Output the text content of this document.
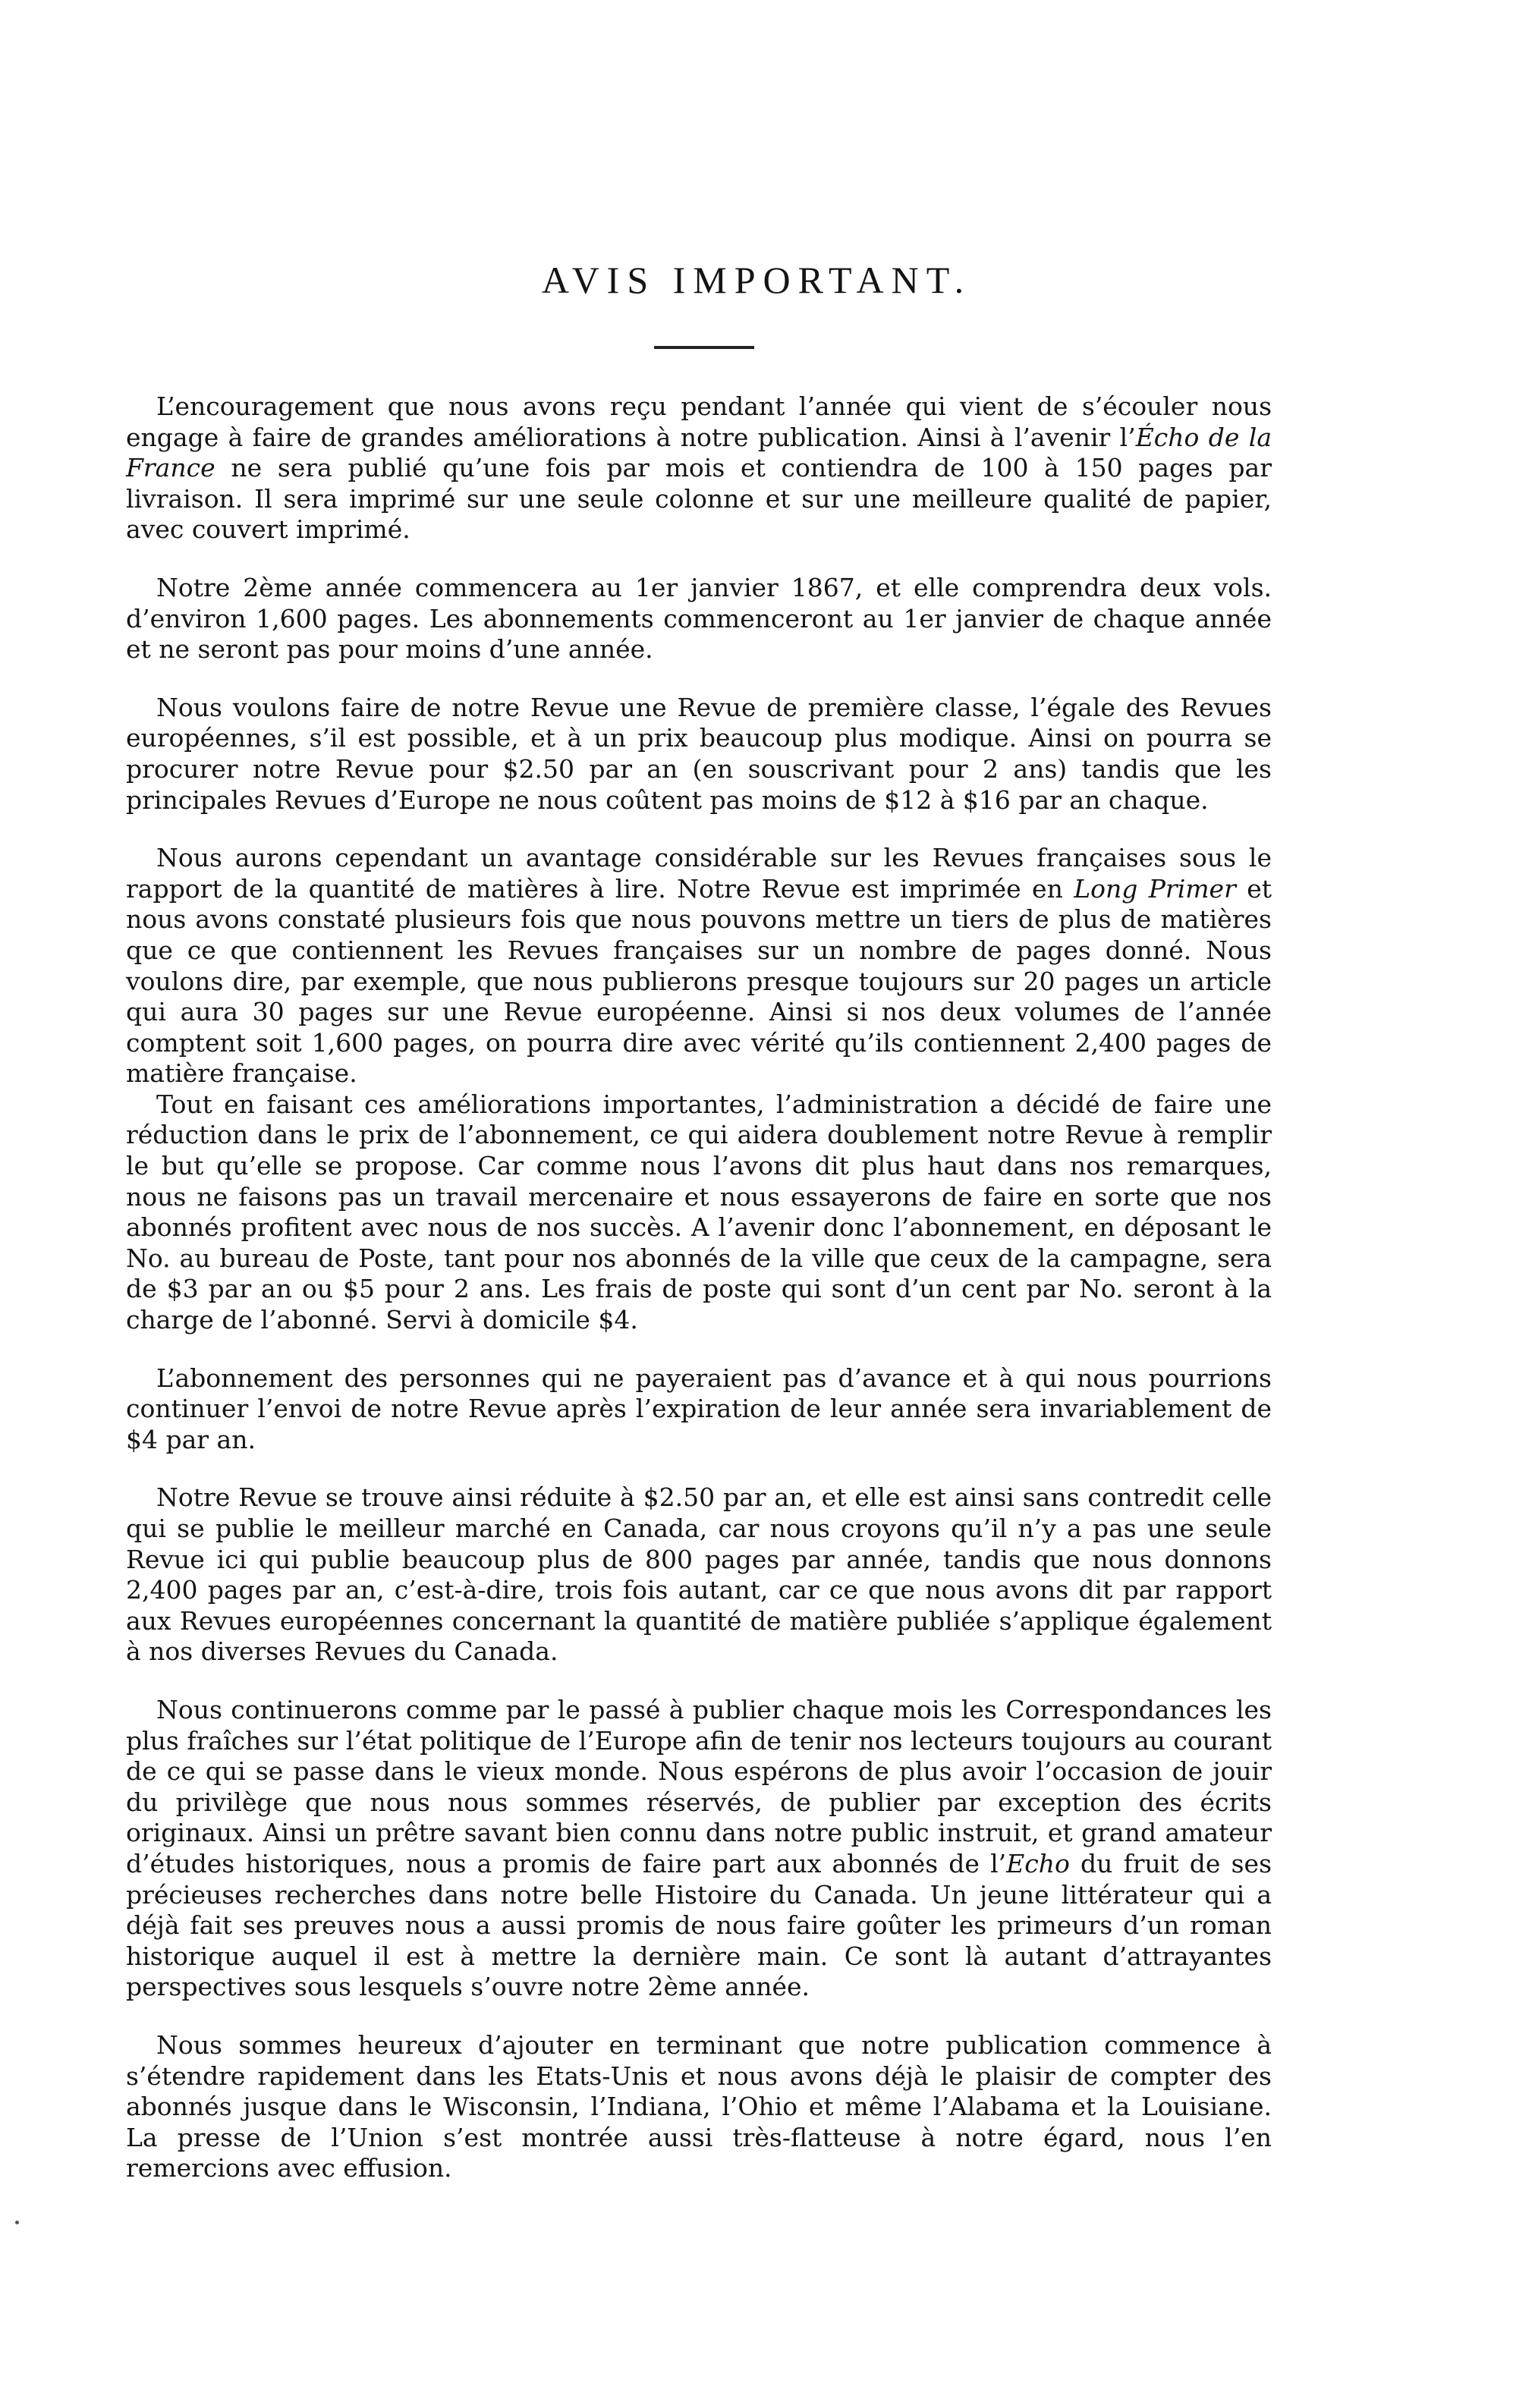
AVIS IMPORTANT.

L’encouragement que nous avons reçu pendant l’année qui vient de s’écouler nous engage à faire de grandes améliorations à notre publication. Ainsi à l’avenir l’Écho de la France ne sera publié qu’une fois par mois et contiendra de 100 à 150 pages par livraison. Il sera imprimé sur une seule colonne et sur une meilleure qualité de papier, avec couvert imprimé.

Notre 2ème année commencera au 1er janvier 1867, et elle comprendra deux vols. d’environ 1,600 pages. Les abonnements commenceront au 1er janvier de chaque année et ne seront pas pour moins d’une année.

Nous voulons faire de notre Revue une Revue de première classe, l’égale des Revues européennes, s’il est possible, et à un prix beaucoup plus modique. Ainsi on pourra se procurer notre Revue pour $2.50 par an (en souscrivant pour 2 ans) tandis que les principales Revues d’Europe ne nous coûtent pas moins de $12 à $16 par an chaque.

Nous aurons cependant un avantage considérable sur les Revues françaises sous le rapport de la quantité de matières à lire. Notre Revue est imprimée en Long Primer et nous avons constaté plusieurs fois que nous pouvons mettre un tiers de plus de matières que ce que contiennent les Revues françaises sur un nombre de pages donné. Nous voulons dire, par exemple, que nous publierons presque toujours sur 20 pages un article qui aura 30 pages sur une Revue européenne. Ainsi si nos deux volumes de l’année comptent soit 1,600 pages, on pourra dire avec vérité qu’ils contiennent 2,400 pages de matière française.

Tout en faisant ces améliorations importantes, l’administration a décidé de faire une réduction dans le prix de l’abonnement, ce qui aidera doublement notre Revue à remplir le but qu’elle se propose. Car comme nous l’avons dit plus haut dans nos remarques, nous ne faisons pas un travail mercenaire et nous essayerons de faire en sorte que nos abonnés profitent avec nous de nos succès. A l’avenir donc l’abonnement, en déposant le No. au bureau de Poste, tant pour nos abonnés de la ville que ceux de la campagne, sera de $3 par an ou $5 pour 2 ans. Les frais de poste qui sont d’un cent par No. seront à la charge de l’abonné. Servi à domicile $4.

L’abonnement des personnes qui ne payeraient pas d’avance et à qui nous pourrions continuer l’envoi de notre Revue après l’expiration de leur année sera invariablement de $4 par an.

Notre Revue se trouve ainsi réduite à $2.50 par an, et elle est ainsi sans contredit celle qui se publie le meilleur marché en Canada, car nous croyons qu’il n’y a pas une seule Revue ici qui publie beaucoup plus de 800 pages par année, tandis que nous donnons 2,400 pages par an, c’est-à-dire, trois fois autant, car ce que nous avons dit par rapport aux Revues européennes concernant la quantité de matière publiée s’applique également à nos diverses Revues du Canada.

Nous continuerons comme par le passé à publier chaque mois les Correspondances les plus fraîches sur l’état politique de l’Europe afin de tenir nos lecteurs toujours au courant de ce qui se passe dans le vieux monde. Nous espérons de plus avoir l’occasion de jouir du privilège que nous nous sommes réservés, de publier par exception des écrits originaux. Ainsi un prêtre savant bien connu dans notre public instruit, et grand amateur d’études historiques, nous a promis de faire part aux abonnés de l’Echo du fruit de ses précieuses recherches dans notre belle Histoire du Canada. Un jeune littérateur qui a déjà fait ses preuves nous a aussi promis de nous faire goûter les primeurs d’un roman historique auquel il est à mettre la dernière main. Ce sont là autant d’attrayantes perspectives sous lesquels s’ouvre notre 2ème année.

Nous sommes heureux d’ajouter en terminant que notre publication commence à s’étendre rapidement dans les Etats-Unis et nous avons déjà le plaisir de compter des abonnés jusque dans le Wisconsin, l’Indiana, l’Ohio et même l’Alabama et la Louisiane. La presse de l’Union s’est montrée aussi très-flatteuse à notre égard, nous l’en remercions avec effusion.
